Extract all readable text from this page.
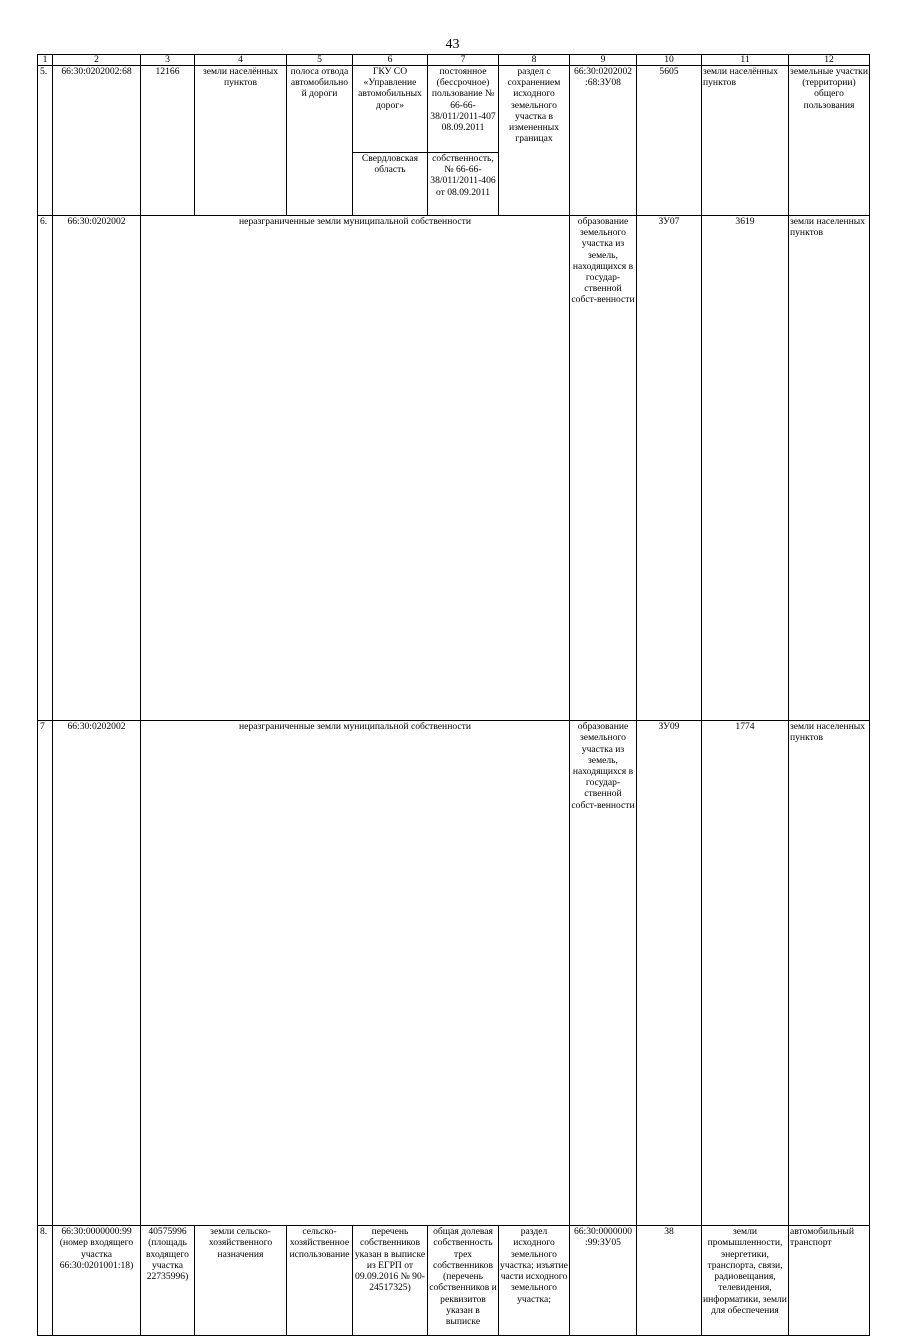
43
1	2	3	4	5	6	7	8	9	10	11	12	
5.	66:30:0202002:68	12166	земли населённых пунктов	полоса отвода автомобильно й дороги	ГКУ СО «Управление автомобильных дорог»	постоянное (бессрочное) пользование № 66-66-38/011/2011-407 08.09.2011	раздел с сохранением исходного земельного участка в измененных границах	66:30:0202002 :68:ЗУ08	5605	земли населённых пунктов	земельные участки (территории) общего пользования	
					Свердловская область	собственность, № 66-66-38/011/2011-406 от 08.09.2011						
6.	66:30:0202002	неразграниченные земли муниципальной собственности						образование земельного участка из земель, находящихся в государ-ственной собст-венности	ЗУ07	3619	земли населенных пунктов	
7	66:30:0202002	неразграниченные земли муниципальной собственности						образование земельного участка из земель, находящихся в государ-ственной собст-венности	ЗУ09	1774	земли населенных пунктов	
8.	66:30:0000000:99 (номер входящего участка 66:30:0201001:18)	40575996 (площадь входящего участка 22735996)	земли сельско-хозяйственного назначения	сельско-хозяйственное использование	перечень собственников указан в выписке из ЕГРП от 09.09.2016 № 90-24517325)	общая долевая собственность трех собственников (перечень собственников и реквизитов указан в выписке	раздел исходного земельного участка; изъятие части исходного земельного участка;	66:30:0000000 :99:ЗУ05	38	земли промышленности, энергетики, транспорта, связи, радиовещания, телевидения, информатики, земли для обеспечения	автомобильный транспорт	
